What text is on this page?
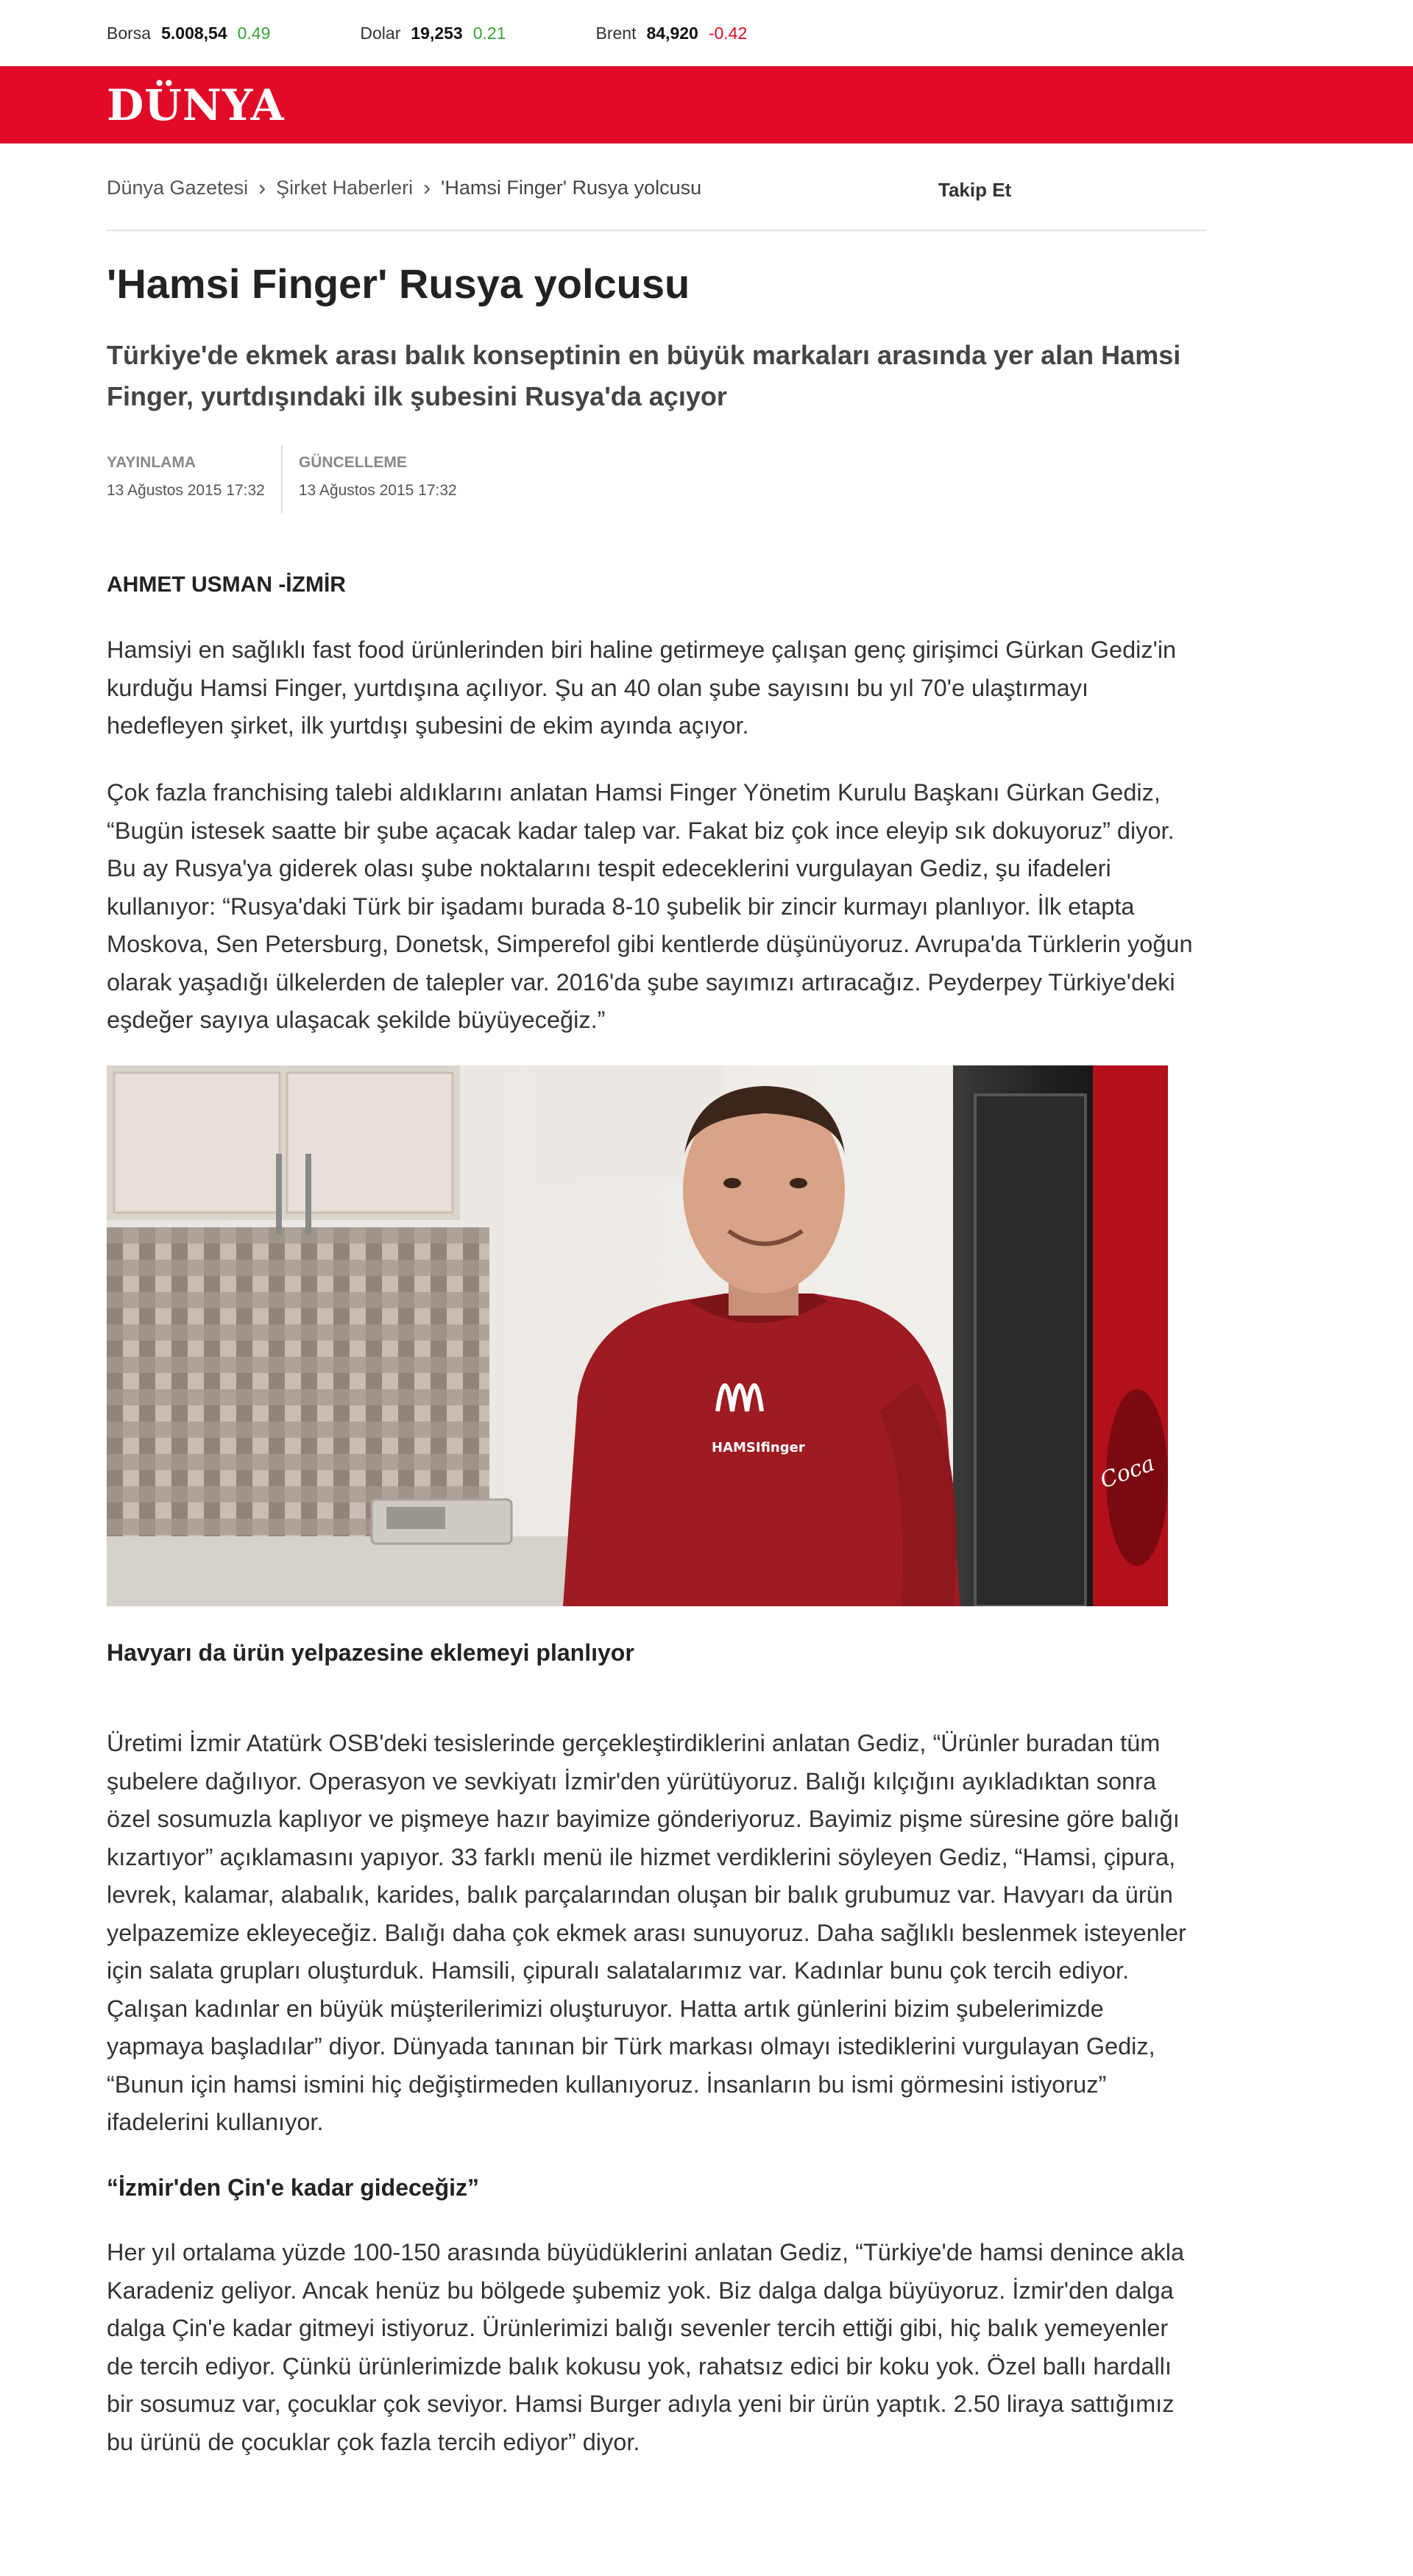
Borsa 5.008,54 0.49	Dolar 19,253 0.21	Brent 84,920 -0.42
DÜNYA
Dünya Gazetesi › Şirket Haberleri › 'Hamsi Finger' Rusya yolcusu	Takip Et
'Hamsi Finger' Rusya yolcusu
Türkiye'de ekmek arası balık konseptinin en büyük markaları arasında yer alan Hamsi Finger, yurtdışındaki ilk şubesini Rusya'da açıyor
YAYINLAMA
13 Ağustos 2015 17:32
GÜNCELLEME
13 Ağustos 2015 17:32

AHMET USMAN -İZMİR

Hamsiyi en sağlıklı fast food ürünlerinden biri haline getirmeye çalışan genç girişimci Gürkan Gediz'in kurduğu Hamsi Finger, yurtdışına açılıyor. Şu an 40 olan şube sayısını bu yıl 70'e ulaştırmayı hedefleyen şirket, ilk yurtdışı şubesini de ekim ayında açıyor.

Çok fazla franchising talebi aldıklarını anlatan Hamsi Finger Yönetim Kurulu Başkanı Gürkan Gediz, “Bugün istesek saatte bir şube açacak kadar talep var. Fakat biz çok ince eleyip sık dokuyoruz” diyor. Bu ay Rusya'ya giderek olası şube noktalarını tespit edeceklerini vurgulayan Gediz, şu ifadeleri kullanıyor: “Rusya'daki Türk bir işadamı burada 8-10 şubelik bir zincir kurmayı planlıyor. İlk etapta Moskova, Sen Petersburg, Donetsk, Simperefol gibi kentlerde düşünüyoruz. Avrupa'da Türklerin yoğun olarak yaşadığı ülkelerden de talepler var. 2016'da şube sayımızı artıracağız. Peyderpey Türkiye'deki eşdeğer sayıya ulaşacak şekilde büyüyeceğiz.”

Coca
HAMSIfinger
Havyarı da ürün yelpazesine eklemeyi planlıyor

Üretimi İzmir Atatürk OSB'deki tesislerinde gerçekleştirdiklerini anlatan Gediz, “Ürünler buradan tüm şubelere dağılıyor. Operasyon ve sevkiyatı İzmir'den yürütüyoruz. Balığı kılçığını ayıkladıktan sonra özel sosumuzla kaplıyor ve pişmeye hazır bayimize gönderiyoruz. Bayimiz pişme süresine göre balığı kızartıyor” açıklamasını yapıyor. 33 farklı menü ile hizmet verdiklerini söyleyen Gediz, “Hamsi, çipura, levrek, kalamar, alabalık, karides, balık parçalarından oluşan bir balık grubumuz var. Havyarı da ürün yelpazemize ekleyeceğiz. Balığı daha çok ekmek arası sunuyoruz. Daha sağlıklı beslenmek isteyenler için salata grupları oluşturduk. Hamsili, çipuralı salatalarımız var. Kadınlar bunu çok tercih ediyor. Çalışan kadınlar en büyük müşterilerimizi oluşturuyor. Hatta artık günlerini bizim şubelerimizde yapmaya başladılar” diyor. Dünyada tanınan bir Türk markası olmayı istediklerini vurgulayan Gediz, “Bunun için hamsi ismini hiç değiştirmeden kullanıyoruz. İnsanların bu ismi görmesini istiyoruz” ifadelerini kullanıyor.

“İzmir'den Çin'e kadar gideceğiz”

Her yıl ortalama yüzde 100-150 arasında büyüdüklerini anlatan Gediz, “Türkiye'de hamsi denince akla Karadeniz geliyor. Ancak henüz bu bölgede şubemiz yok. Biz dalga dalga büyüyoruz. İzmir'den dalga dalga Çin'e kadar gitmeyi istiyoruz. Ürünlerimizi balığı sevenler tercih ettiği gibi, hiç balık yemeyenler de tercih ediyor. Çünkü ürünlerimizde balık kokusu yok, rahatsız edici bir koku yok. Özel ballı hardallı bir sosumuz var, çocuklar çok seviyor. Hamsi Burger adıyla yeni bir ürün yaptık. 2.50 liraya sattığımız bu ürünü de çocuklar çok fazla tercih ediyor” diyor.
